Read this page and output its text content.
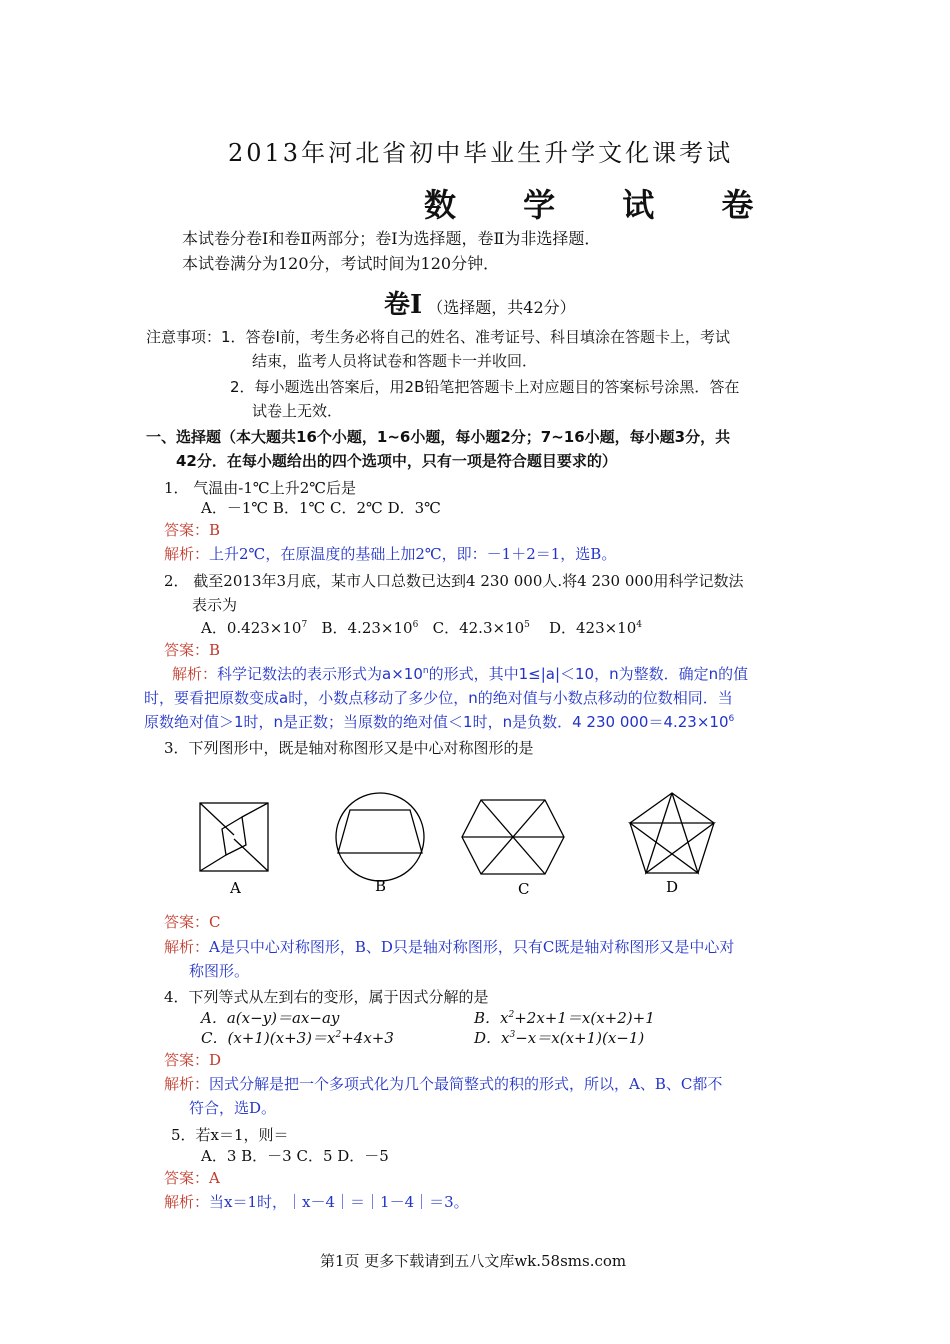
2013年河北省初中毕业生升学文化课考试
数 学 试 卷
本试卷分卷Ⅰ和卷Ⅱ两部分；卷Ⅰ为选择题，卷Ⅱ为非选择题．
本试卷满分为120分，考试时间为120分钟．
卷Ⅰ （选择题，共42分）
注意事项：1．答卷Ⅰ前，考生务必将自己的姓名、准考证号、科目填涂在答题卡上，考试
结束，监考人员将试卷和答题卡一并收回．
2．每小题选出答案后，用2B铅笔把答题卡上对应题目的答案标号涂黑．答在
试卷上无效．
一、选择题（本大题共16个小题，1~6小题，每小题2分；7~16小题，每小题3分，共
42分．在每小题给出的四个选项中，只有一项是符合题目要求的）
1． 气温由-1℃上升2℃后是
A．－1℃ B．1℃ C．2℃ D．3℃
答案：B
解析：上升2℃，在原温度的基础上加2℃，即：－1＋2＝1，选B。
2． 截至2013年3月底，某市人口总数已达到4 230 000人.将4 230 000用科学记数法
表示为
A．$0.423\times 10^7$ B．$4.23\times 10^6$ C．$42.3\times 10^5$ D．$423\times 10^4$
答案：B
解析：科学记数法的表示形式为$a\times 10^n$的形式，其中1≤|a|＜10，n为整数．确定n的值
时，要看把原数变成a时，小数点移动了多少位，n的绝对值与小数点移动的位数相同．当
原数绝对值＞1时，n是正数；当原数的绝对值＜1时，n是负数．4 230 $000=4.23\times 10^6$
3．下列图形中，既是轴对称图形又是中心对称图形的是
A	B	C	D
答案：C
解析：A是只中心对称图形，B、D只是轴对称图形，只有C既是轴对称图形又是中心对
称图形。
4．下列等式从左到右的变形，属于因式分解的是
A．a(x−y)＝ax−ay	B．$x^2+2x+1=x(x+2)+1$
C．$(x+1)(x+3)=x^2+4x+3$	D．$x^3-x=x(x+1)(x-1)$
答案：D
解析：因式分解是把一个多项式化为几个最简整式的积的形式，所以，A、B、C都不
符合，选D。
5．若x＝1，则＝
A．3 B．－3 C．5 D．－5
答案：A
解析：当x＝1时，｜x－4｜＝｜1－4｜＝3。
第1页 更多下载请到五八文库wk.58sms.com
